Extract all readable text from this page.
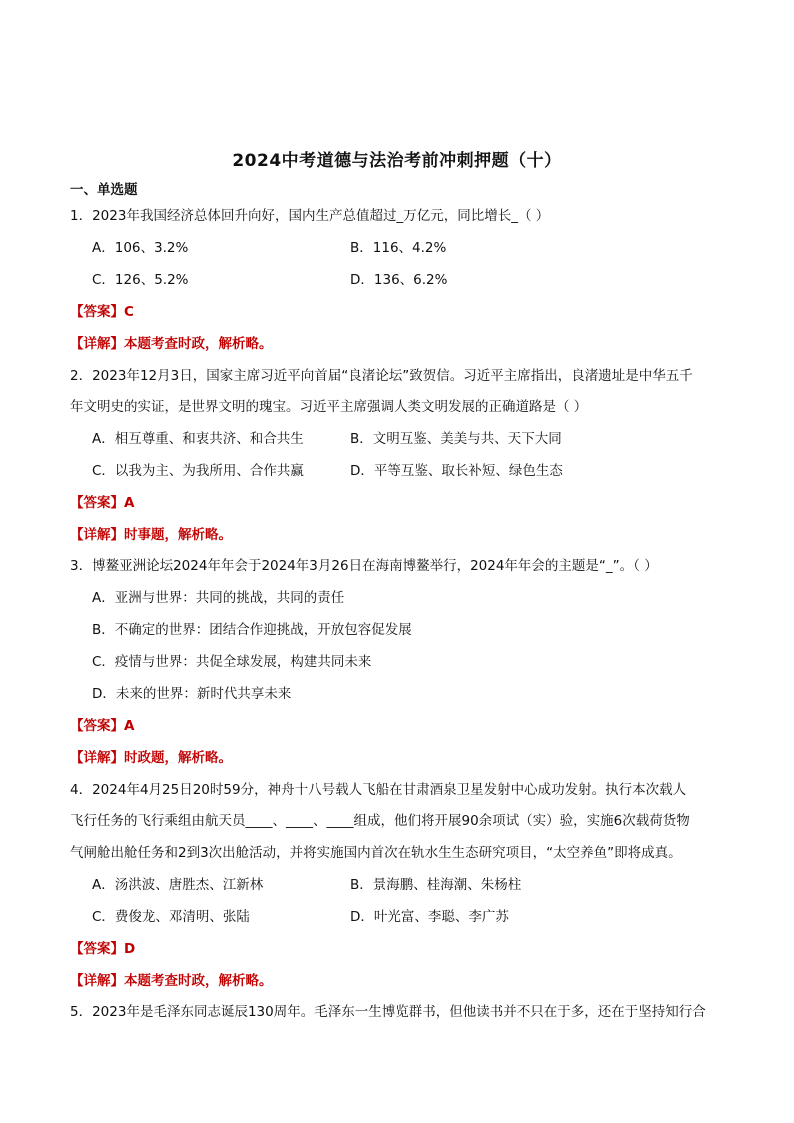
2024中考道德与法治考前冲刺押题（十）
一、单选题
1．2023年我国经济总体回升向好，国内生产总值超过_万亿元，同比增长_（ ）
A．106、3.2%	B．116、4.2%
C．126、5.2%	D．136、6.2%
【答案】C
【详解】本题考查时政，解析略。
2．2023年12月3日，国家主席习近平向首届“良渚论坛”致贺信。习近平主席指出，良渚遗址是中华五千
年文明史的实证，是世界文明的瑰宝。习近平主席强调人类文明发展的正确道路是（ ）
A．相互尊重、和衷共济、和合共生	B．文明互鉴、美美与共、天下大同
C．以我为主、为我所用、合作共赢	D．平等互鉴、取长补短、绿色生态
【答案】A
【详解】时事题，解析略。
3．博鳌亚洲论坛2024年年会于2024年3月26日在海南博鳌举行，2024年年会的主题是“_”。（ ）
A．亚洲与世界：共同的挑战，共同的责任
B．不确定的世界：团结合作迎挑战，开放包容促发展
C．疫情与世界：共促全球发展，构建共同未来
D．未来的世界：新时代共享未来
【答案】A
【详解】时政题，解析略。
4．2024年4月25日20时59分，神舟十八号载人飞船在甘肃酒泉卫星发射中心成功发射。执行本次载人
飞行任务的飞行乘组由航天员____、____、____组成，他们将开展90余项试（实）验，实施6次载荷货物
气闸舱出舱任务和2到3次出舱活动，并将实施国内首次在轨水生生态研究项目，“太空养鱼”即将成真。
A．汤洪波、唐胜杰、江新林	B．景海鹏、桂海潮、朱杨柱
C．费俊龙、邓清明、张陆	D．叶光富、李聪、李广苏
【答案】D
【详解】本题考查时政，解析略。
5．2023年是毛泽东同志诞辰130周年。毛泽东一生博览群书，但他读书并不只在于多，还在于坚持知行合
